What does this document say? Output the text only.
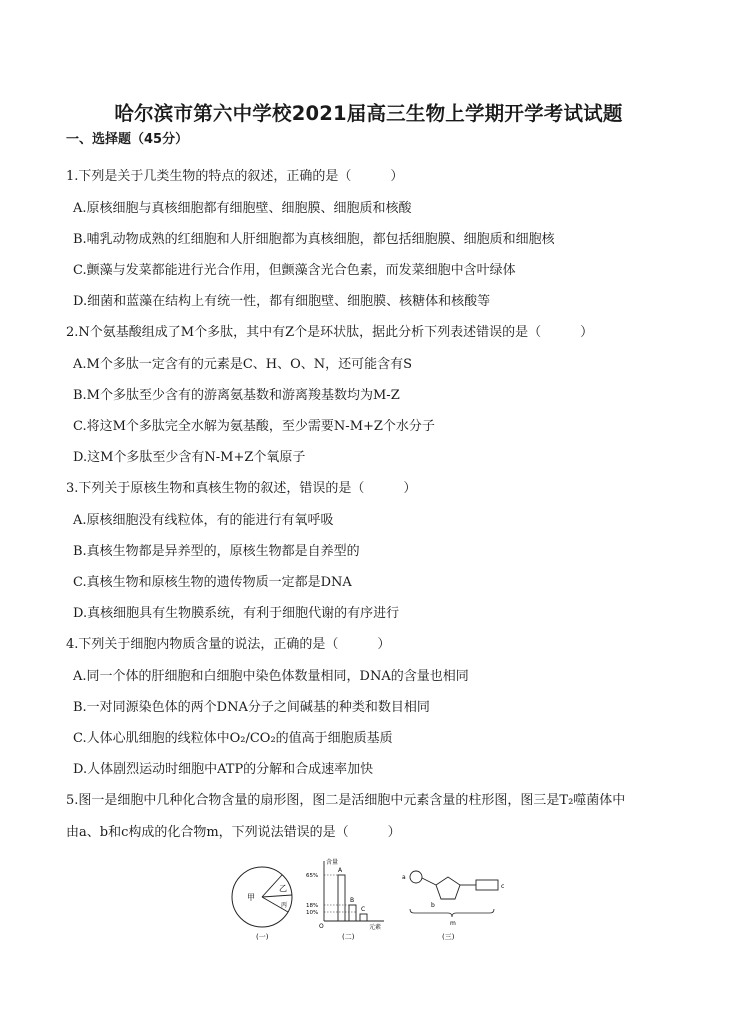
哈尔滨市第六中学校2021届高三生物上学期开学考试试题
一、选择题（45分）
1.下列是关于几类生物的特点的叙述，正确的是（　　　）
A.原核细胞与真核细胞都有细胞壁、细胞膜、细胞质和核酸
B.哺乳动物成熟的红细胞和人肝细胞都为真核细胞，都包括细胞膜、细胞质和细胞核
C.颤藻与发菜都能进行光合作用，但颤藻含光合色素，而发菜细胞中含叶绿体
D.细菌和蓝藻在结构上有统一性，都有细胞壁、细胞膜、核糖体和核酸等
2.N个氨基酸组成了M个多肽，其中有Z个是环状肽，据此分析下列表述错误的是（　　　）
A.M个多肽一定含有的元素是C、H、O、N，还可能含有S
B.M个多肽至少含有的游离氨基数和游离羧基数均为M-Z
C.将这M个多肽完全水解为氨基酸，至少需要N-M+Z个水分子
D.这M个多肽至少含有N-M+Z个氧原子
3.下列关于原核生物和真核生物的叙述，错误的是（　　　）
A.原核细胞没有线粒体，有的能进行有氧呼吸
B.真核生物都是异养型的，原核生物都是自养型的
C.真核生物和原核生物的遗传物质一定都是DNA
D.真核细胞具有生物膜系统，有利于细胞代谢的有序进行
4.下列关于细胞内物质含量的说法，正确的是（　　　）
A.同一个体的肝细胞和白细胞中染色体数量相同，DNA的含量也相同
B.一对同源染色体的两个DNA分子之间碱基的种类和数目相同
C.人体心肌细胞的线粒体中O₂/CO₂的值高于细胞质基质
D.人体剧烈运动时细胞中ATP的分解和合成速率加快
5.图一是细胞中几种化合物含量的扇形图，图二是活细胞中元素含量的柱形图，图三是T₂噬菌体中
由a、b和c构成的化合物m，下列说法错误的是（　　　）
甲
乙
丙
(一)
含量
元素
O
65%
18%
10%
A
B
C
(二)
a
b
c
m
(三)
